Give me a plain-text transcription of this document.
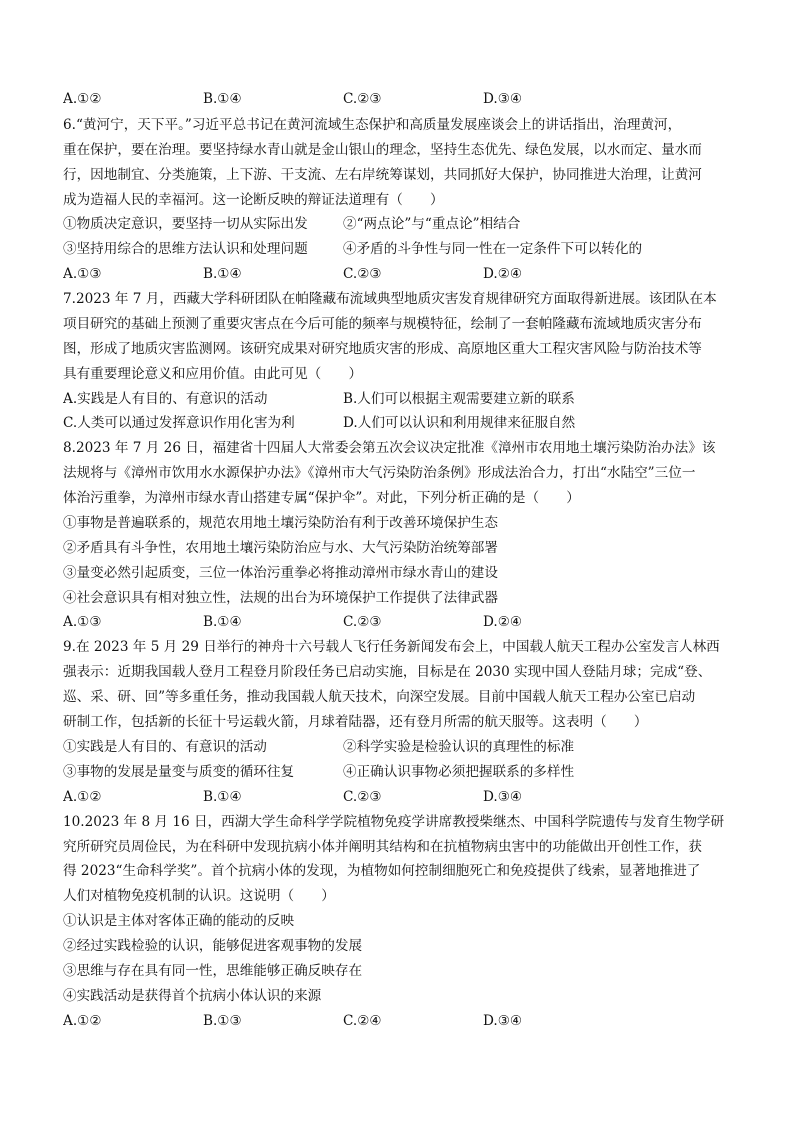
A.①②	B.①④	C.②③	D.③④
6.“黄河宁，天下平。”习近平总书记在黄河流域生态保护和高质量发展座谈会上的讲话指出，治理黄河，
重在保护，要在治理。要坚持绿水青山就是金山银山的理念，坚持生态优先、绿色发展，以水而定、量水而
行，因地制宜、分类施策，上下游、干支流、左右岸统筹谋划，共同抓好大保护，协同推进大治理，让黄河
成为造福人民的幸福河。这一论断反映的辩证法道理有（　　）
①物质决定意识，要坚持一切从实际出发	②“两点论”与“重点论”相结合
③坚持用综合的思维方法认识和处理问题	④矛盾的斗争性与同一性在一定条件下可以转化的
A.①③	B.①④	C.②③	D.②④
7.2023 年 7 月，西藏大学科研团队在帕隆藏布流域典型地质灾害发育规律研究方面取得新进展。该团队在本
项目研究的基础上预测了重要灾害点在今后可能的频率与规模特征，绘制了一套帕隆藏布流域地质灾害分布
图，形成了地质灾害监测网。该研究成果对研究地质灾害的形成、高原地区重大工程灾害风险与防治技术等
具有重要理论意义和应用价值。由此可见（　　）
A.实践是人有目的、有意识的活动	B.人们可以根据主观需要建立新的联系
C.人类可以通过发挥意识作用化害为利	D.人们可以认识和利用规律来征服自然
8.2023 年 7 月 26 日，福建省十四届人大常委会第五次会议决定批准《漳州市农用地土壤污染防治办法》该
法规将与《漳州市饮用水水源保护办法》《漳州市大气污染防治条例》形成法治合力，打出“水陆空”三位一
体治污重拳，为漳州市绿水青山搭建专属“保护伞”。对此，下列分析正确的是（　　）
①事物是普遍联系的，规范农用地土壤污染防治有利于改善环境保护生态
②矛盾具有斗争性，农用地土壤污染防治应与水、大气污染防治统筹部署
③量变必然引起质变，三位一体治污重拳必将推动漳州市绿水青山的建设
④社会意识具有相对独立性，法规的出台为环境保护工作提供了法律武器
A.①③	B.①④	C.②③	D.②④
9.在 2023 年 5 月 29 日举行的神舟十六号载人飞行任务新闻发布会上，中国载人航天工程办公室发言人林西
强表示：近期我国载人登月工程登月阶段任务已启动实施，目标是在 2030 实现中国人登陆月球；完成“登、
巡、采、研、回”等多重任务，推动我国载人航天技术，向深空发展。目前中国载人航天工程办公室已启动
研制工作，包括新的长征十号运载火箭，月球着陆器，还有登月所需的航天服等。这表明（　　）
①实践是人有目的、有意识的活动	②科学实验是检验认识的真理性的标准
③事物的发展是量变与质变的循环往复	④正确认识事物必须把握联系的多样性
A.①②	B.①④	C.②③	D.③④
10.2023 年 8 月 16 日，西湖大学生命科学学院植物免疫学讲席教授柴继杰、中国科学院遗传与发育生物学研
究所研究员周俭民，为在科研中发现抗病小体并阐明其结构和在抗植物病虫害中的功能做出开创性工作，获
得 2023“生命科学奖”。首个抗病小体的发现，为植物如何控制细胞死亡和免疫提供了线索，显著地推进了
人们对植物免疫机制的认识。这说明（　　）
①认识是主体对客体正确的能动的反映
②经过实践检验的认识，能够促进客观事物的发展
③思维与存在具有同一性，思维能够正确反映存在
④实践活动是获得首个抗病小体认识的来源
A.①②	B.①③	C.②④	D.③④
